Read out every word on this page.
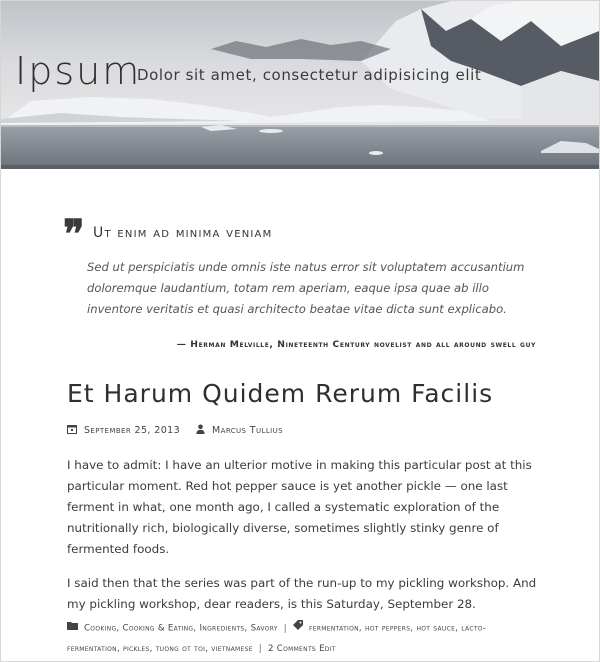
Ipsum
Dolor sit amet, consectetur adipisicing elit
❞ Ut enim ad minima veniam

Sed ut perspiciatis unde omnis iste natus error sit voluptatem accusantium doloremque laudantium, totam rem aperiam, eaque ipsa quae ab illo inventore veritatis et quasi architecto beatae vitae dicta sunt explicabo.

— Herman Melville, Nineteenth Century novelist and all around swell guy
Et Harum Quidem Rerum Facilis
September 25, 2013	Marcus Tullius

I have to admit: I have an ulterior motive in making this particular post at this particular moment. Red hot pepper sauce is yet another pickle — one last ferment in what, one month ago, I called a systematic exploration of the nutritionally rich, biologically diverse, sometimes slightly stinky genre of fermented foods.

I said then that the series was part of the run-up to my pickling workshop. And my pickling workshop, dear readers, is this Saturday, September 28.

Cooking, Cooking & Eating, Ingredients, Savory |	fermentation, hot peppers, hot sauce, lacto-fermentation, pickles, tuong ot toi, vietnamese | 2 Comments Edit
